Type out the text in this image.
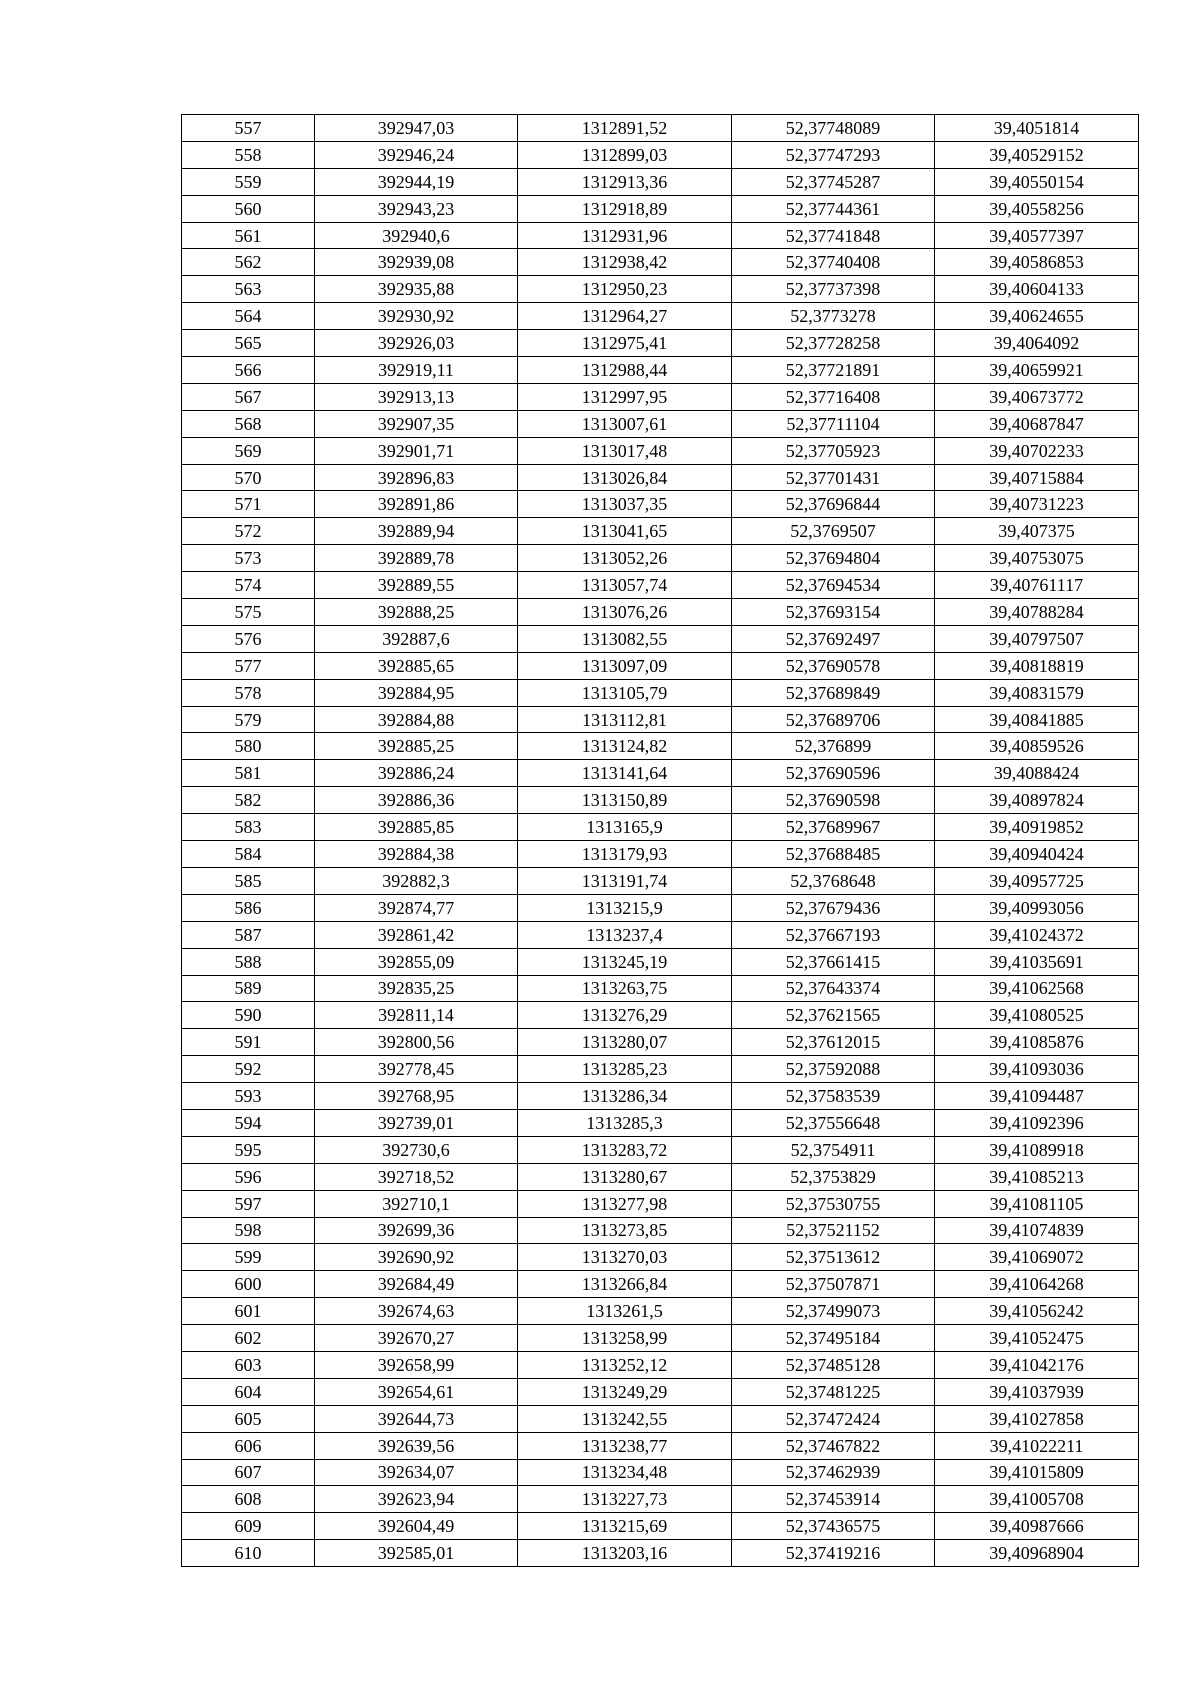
557	392947,03	1312891,52	52,37748089	39,4051814
558	392946,24	1312899,03	52,37747293	39,40529152
559	392944,19	1312913,36	52,37745287	39,40550154
560	392943,23	1312918,89	52,37744361	39,40558256
561	392940,6	1312931,96	52,37741848	39,40577397
562	392939,08	1312938,42	52,37740408	39,40586853
563	392935,88	1312950,23	52,37737398	39,40604133
564	392930,92	1312964,27	52,3773278	39,40624655
565	392926,03	1312975,41	52,37728258	39,4064092
566	392919,11	1312988,44	52,37721891	39,40659921
567	392913,13	1312997,95	52,37716408	39,40673772
568	392907,35	1313007,61	52,37711104	39,40687847
569	392901,71	1313017,48	52,37705923	39,40702233
570	392896,83	1313026,84	52,37701431	39,40715884
571	392891,86	1313037,35	52,37696844	39,40731223
572	392889,94	1313041,65	52,3769507	39,407375
573	392889,78	1313052,26	52,37694804	39,40753075
574	392889,55	1313057,74	52,37694534	39,40761117
575	392888,25	1313076,26	52,37693154	39,40788284
576	392887,6	1313082,55	52,37692497	39,40797507
577	392885,65	1313097,09	52,37690578	39,40818819
578	392884,95	1313105,79	52,37689849	39,40831579
579	392884,88	1313112,81	52,37689706	39,40841885
580	392885,25	1313124,82	52,376899	39,40859526
581	392886,24	1313141,64	52,37690596	39,4088424
582	392886,36	1313150,89	52,37690598	39,40897824
583	392885,85	1313165,9	52,37689967	39,40919852
584	392884,38	1313179,93	52,37688485	39,40940424
585	392882,3	1313191,74	52,3768648	39,40957725
586	392874,77	1313215,9	52,37679436	39,40993056
587	392861,42	1313237,4	52,37667193	39,41024372
588	392855,09	1313245,19	52,37661415	39,41035691
589	392835,25	1313263,75	52,37643374	39,41062568
590	392811,14	1313276,29	52,37621565	39,41080525
591	392800,56	1313280,07	52,37612015	39,41085876
592	392778,45	1313285,23	52,37592088	39,41093036
593	392768,95	1313286,34	52,37583539	39,41094487
594	392739,01	1313285,3	52,37556648	39,41092396
595	392730,6	1313283,72	52,3754911	39,41089918
596	392718,52	1313280,67	52,3753829	39,41085213
597	392710,1	1313277,98	52,37530755	39,41081105
598	392699,36	1313273,85	52,37521152	39,41074839
599	392690,92	1313270,03	52,37513612	39,41069072
600	392684,49	1313266,84	52,37507871	39,41064268
601	392674,63	1313261,5	52,37499073	39,41056242
602	392670,27	1313258,99	52,37495184	39,41052475
603	392658,99	1313252,12	52,37485128	39,41042176
604	392654,61	1313249,29	52,37481225	39,41037939
605	392644,73	1313242,55	52,37472424	39,41027858
606	392639,56	1313238,77	52,37467822	39,41022211
607	392634,07	1313234,48	52,37462939	39,41015809
608	392623,94	1313227,73	52,37453914	39,41005708
609	392604,49	1313215,69	52,37436575	39,40987666
610	392585,01	1313203,16	52,37419216	39,40968904
